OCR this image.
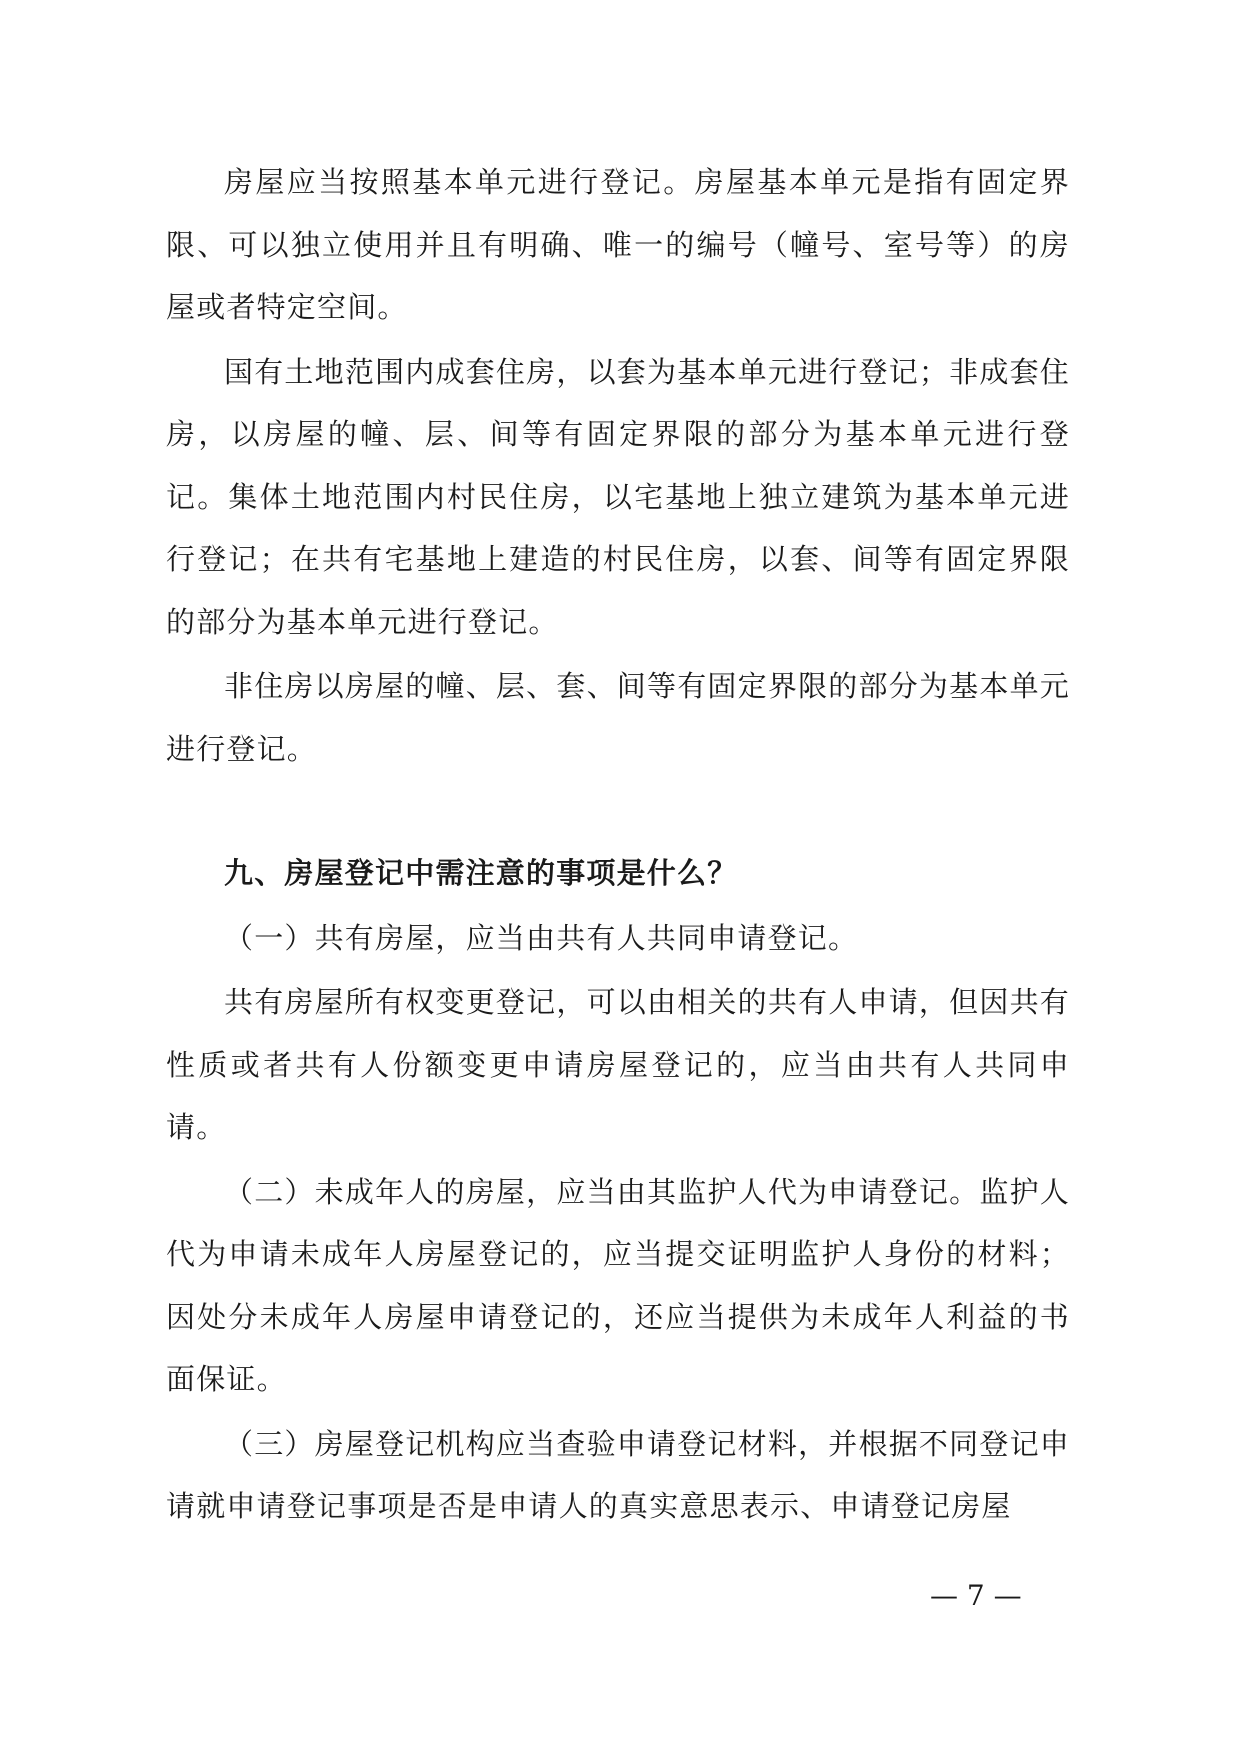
房屋应当按照基本单元进行登记。房屋基本单元是指有固定界限、可以独立使用并且有明确、唯一的编号（幢号、室号等）的房屋或者特定空间。

国有土地范围内成套住房，以套为基本单元进行登记；非成套住房，以房屋的幢、层、间等有固定界限的部分为基本单元进行登记。集体土地范围内村民住房，以宅基地上独立建筑为基本单元进行登记；在共有宅基地上建造的村民住房，以套、间等有固定界限的部分为基本单元进行登记。

非住房以房屋的幢、层、套、间等有固定界限的部分为基本单元进行登记。

九、房屋登记中需注意的事项是什么？

（一）共有房屋，应当由共有人共同申请登记。

共有房屋所有权变更登记，可以由相关的共有人申请，但因共有性质或者共有人份额变更申请房屋登记的，应当由共有人共同申请。

（二）未成年人的房屋，应当由其监护人代为申请登记。监护人代为申请未成年人房屋登记的，应当提交证明监护人身份的材料；因处分未成年人房屋申请登记的，还应当提供为未成年人利益的书面保证。

（三）房屋登记机构应当查验申请登记材料，并根据不同登记申请就申请登记事项是否是申请人的真实意思表示、申请登记房屋

— 7 —
